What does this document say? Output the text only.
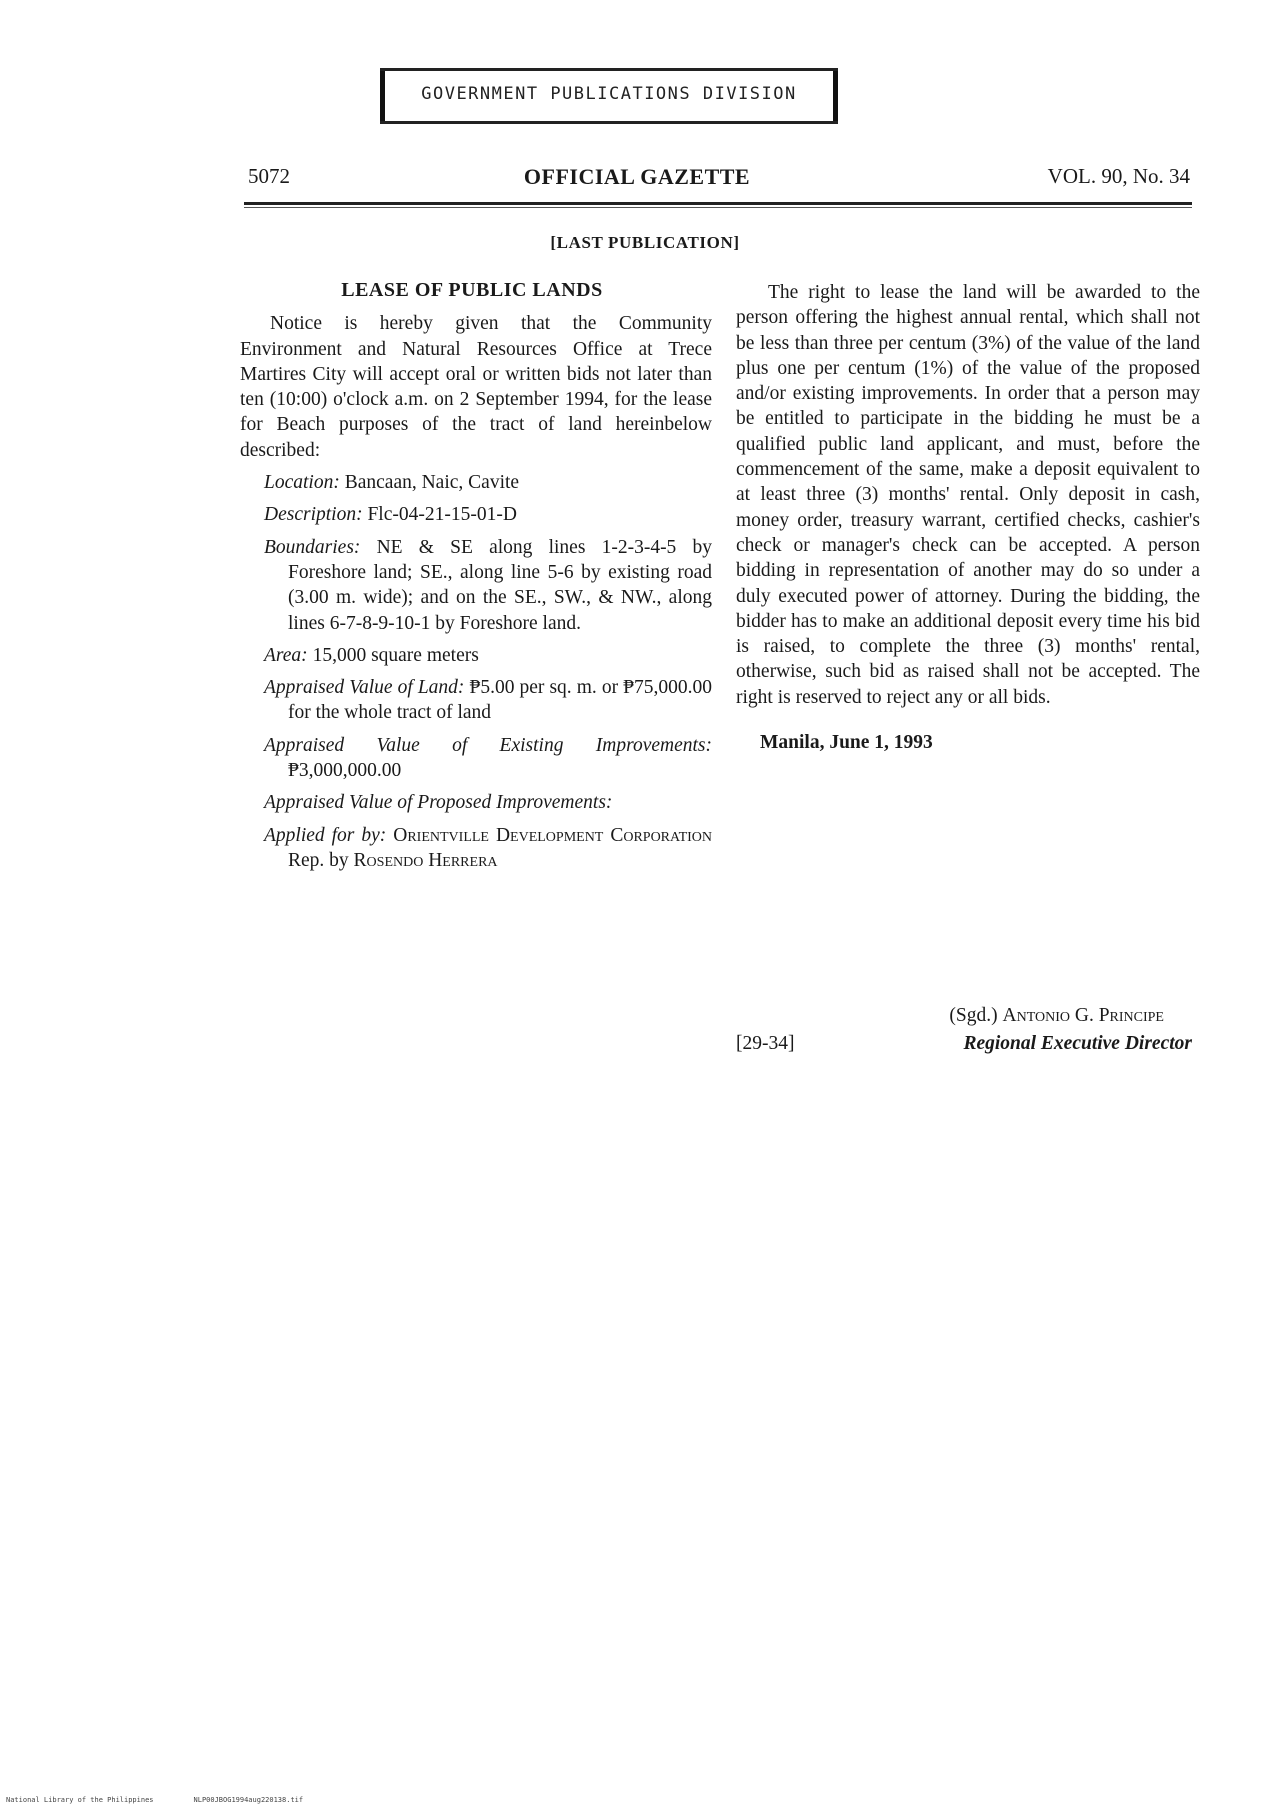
GOVERNMENT PUBLICATIONS DIVISION
5072	OFFICIAL GAZETTE	VOL. 90, No. 34
[LAST PUBLICATION]

LEASE OF PUBLIC LANDS

Notice is hereby given that the Community Environment and Natural Resources Office at Trece Martires City will accept oral or written bids not later than ten (10:00) o'clock a.m. on 2 September 1994, for the lease for Beach purposes of the tract of land hereinbelow described:

Location: Bancaan, Naic, Cavite

Description: Flc-04-21-15-01-D

Boundaries: NE & SE along lines 1-2-3-4-5 by Foreshore land; SE., along line 5-6 by existing road (3.00 m. wide); and on the SE., SW., & NW., along lines 6-7-8-9-10-1 by Foreshore land.

Area: 15,000 square meters

Appraised Value of Land: ₱5.00 per sq. m. or ₱75,000.00 for the whole tract of land

Appraised Value of Existing Improvements: ₱3,000,000.00

Appraised Value of Proposed Improvements:

Applied for by: Orientville Development Corporation Rep. by Rosendo Herrera

The right to lease the land will be awarded to the person offering the highest annual rental, which shall not be less than three per centum (3%) of the value of the land plus one per centum (1%) of the value of the proposed and/or existing improvements. In order that a person may be entitled to participate in the bidding he must be a qualified public land applicant, and must, before the commencement of the same, make a deposit equivalent to at least three (3) months' rental. Only deposit in cash, money order, treasury warrant, certified checks, cashier's check or manager's check can be accepted. A person bidding in representation of another may do so under a duly executed power of attorney. During the bidding, the bidder has to make an additional deposit every time his bid is raised, to complete the three (3) months' rental, otherwise, such bid as raised shall not be accepted. The right is reserved to reject any or all bids.

Manila, June 1, 1993

(Sgd.) Antonio G. Principe
[29-34]	Regional Executive Director
National Library of the Philippines	NLP00JBOG1994aug220138.tif
